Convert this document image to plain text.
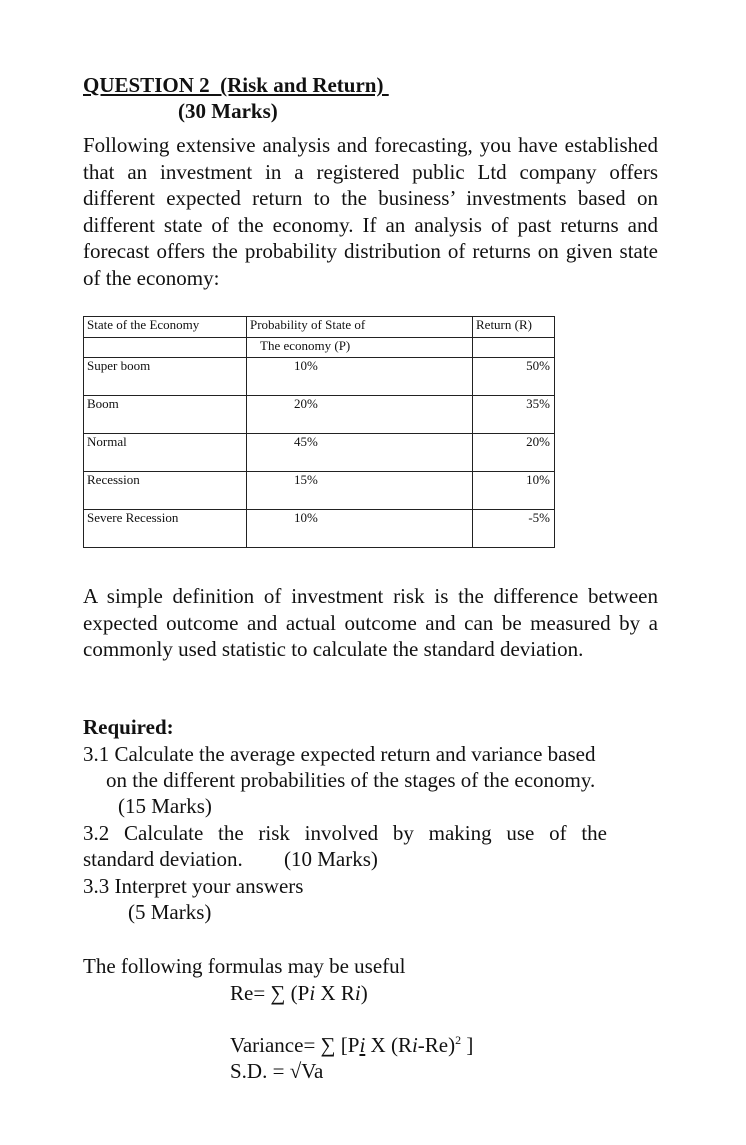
QUESTION 2  (Risk and Return)
(30 Marks)
Following extensive analysis and forecasting, you have established that an investment in a registered public Ltd company offers different expected return to the business’ investments based on different state of the economy. If an analysis of past returns and forecast offers the probability distribution of returns on given state of the economy:
State of the Economy	Probability of State of	Return (R)
	The economy (P)	
Super boom	10%	50%
Boom	20%	35%
Normal	45%	20%
Recession	15%	10%
Severe Recession	10%	-5%
A simple definition of investment risk is the difference between expected outcome and actual outcome and can be measured by a commonly used statistic to calculate the standard deviation.
Required:
3.1 Calculate the average expected return and variance based
on the different probabilities of the stages of the economy.
(15 Marks)
3.2 Calculate the risk involved by making use of the
standard deviation. (10 Marks)
3.3 Interpret your answers
(5 Marks)
The following formulas may be useful
Re= ∑ (Pi X Ri)
Variance= ∑ [Pi X $(Ri-Re)^2$ ]
S.D. = √Va
